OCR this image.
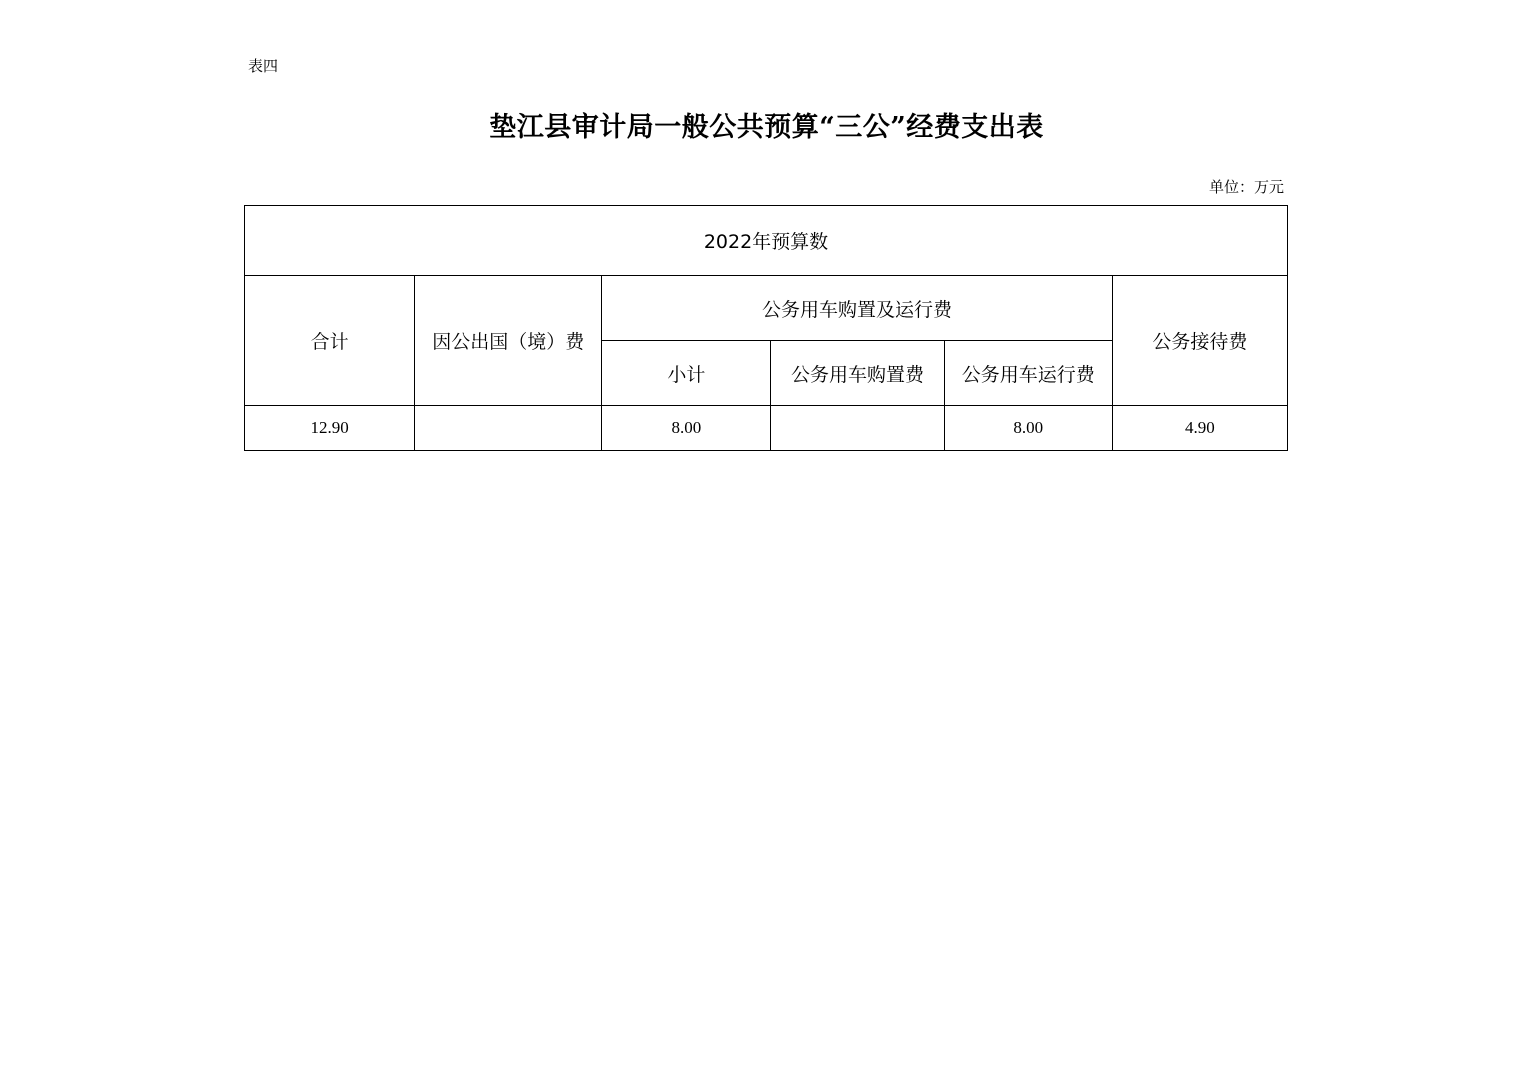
表四
垫江县审计局一般公共预算“三公”经费支出表
单位：万元
2022年预算数					
合计	因公出国（境）费	公务用车购置及运行费			公务接待费
		小计	公务用车购置费	公务用车运行费	
12.90		8.00		8.00	4.90
